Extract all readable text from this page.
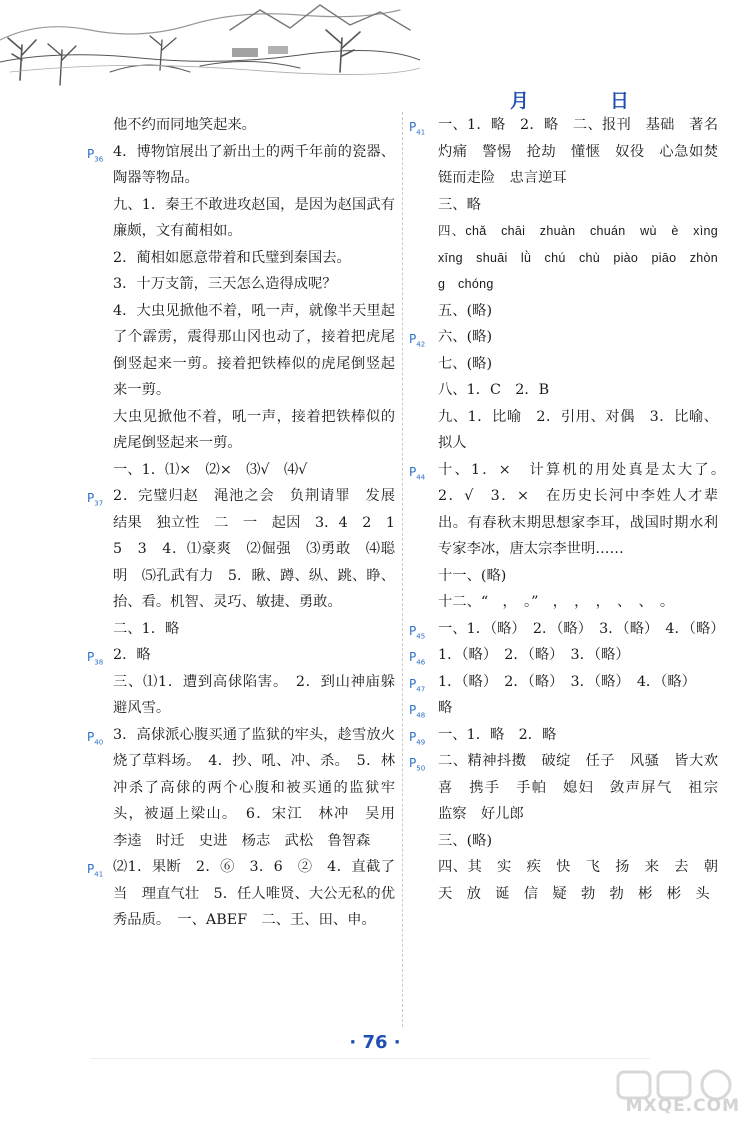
月	日
他不约而同地笑起来。
$P_{36}$ 4．博物馆展出了新出土的两千年前的瓷器、陶器等物品。
九、1．秦王不敢进攻赵国，是因为赵国武有廉颇，文有蔺相如。
2．蔺相如愿意带着和氏璧到秦国去。
3．十万支箭，三天怎么造得成呢？
4．大虫见掀他不着，吼一声，就像半天里起了个霹雳，震得那山冈也动了，接着把虎尾倒竖起来一剪。接着把铁棒似的虎尾倒竖起来一剪。
大虫见掀他不着，吼一声，接着把铁棒似的虎尾倒竖起来一剪。
一、1．⑴×　⑵×　⑶√　⑷√
$P_{37}$ 2．完璧归赵　渑池之会　负荆请罪　发展　结果　独立性　二　一　起因　3．4　2　1　5　3　4．⑴豪爽　⑵倔强　⑶勇敢　⑷聪明　⑸孔武有力　5．瞅、蹲、纵、跳、睁、抬、看。机智、灵巧、敏捷、勇敢。
二、1．略
$P_{38}$ 2．略
三、⑴1．遭到高俅陷害。　2．到山神庙躲避风雪。
$P_{40}$ 3．高俅派心腹买通了监狱的牢头，趁雪放火烧了草料场。　4．抄、吼、冲、杀。　5．林冲杀了高俅的两个心腹和被买通的监狱牢头，被逼上梁山。　6．宋江　林冲　吴用　李逵　时迁　史进　杨志　武松　鲁智森
$P_{41}$ ⑵1．果断　2．⑥　3．6　②　4．直截了当　理直气壮　5．任人唯贤、大公无私的优秀品质。　一、ABEF　二、王、田、申。
$P_{41}$ 一、1．略　2．略　二、报刊　基础　著名　灼痛　警惕　抢劫　懂惬　奴役　心急如焚　铤而走险　忠言逆耳
三、略
四、chǎ　chāi　zhuàn　chuán　wù　è　xìng　xīng　shuāi　lǜ　chú　chù　piào　piāo　zhòng　chóng
五、(略)
$P_{42}$ 六、(略)
七、(略)
八、1．C　2．B
九、1．比喻　2．引用、对偶　3．比喻、拟人
$P_{44}$ 十、1．×　计算机的用处真是太大了。　2．√　3．×　在历史长河中李姓人才辈出。有春秋末期思想家李耳，战国时期水利专家李冰，唐太宗李世明……
十一、(略)
十二、“　，　。”　，　，　，　、　、　。
$P_{45}$ 一、1．（略）　2．（略）　3．（略）　4．（略）
$P_{46}$ 1．（略）　2．（略）　3．（略）
$P_{47}$ 1．（略）　2．（略）　3．（略）　4．（略）
$P_{48}$ 略
$P_{49}$ 一、1．略　2．略
$P_{50}$ 二、精神抖擞　破绽　任子　风骚　皆大欢喜　携手　手帕　媳妇　敛声屏气　祖宗　监察　好儿郎
三、(略)
四、其　实　疾　快　飞　扬　来　去　朝　天　放　诞　信　疑　勃　勃　彬　彬　头
· 76 ·
MXQE.COM
